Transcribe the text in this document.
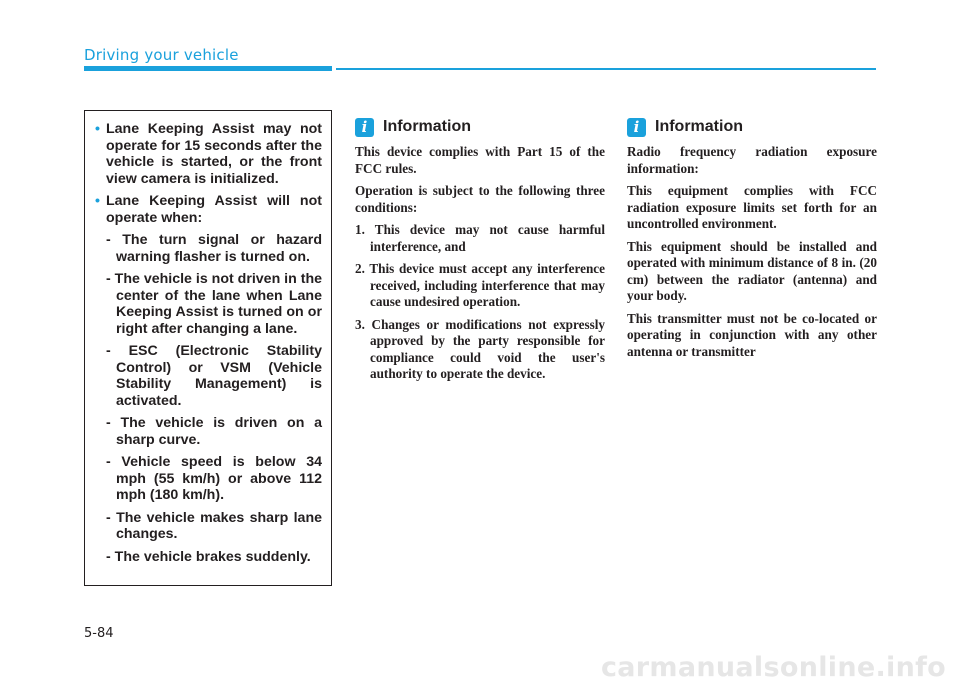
Driving your vehicle
• Lane Keeping Assist may not operate for 15 seconds after the vehicle is started, or the front view camera is initialized.
• Lane Keeping Assist will not operate when:
- The turn signal or hazard warning flasher is turned on.
- The vehicle is not driven in the center of the lane when Lane Keeping Assist is turned on or right after changing a lane.
- ESC (Electronic Stability Control) or VSM (Vehicle Stability Management) is activated.
- The vehicle is driven on a sharp curve.
- Vehicle speed is below 34 mph (55 km/h) or above 112 mph (180 km/h).
- The vehicle makes sharp lane changes.
- The vehicle brakes suddenly.
i Information

This device complies with Part 15 of the FCC rules.

Operation is subject to the following three conditions:

1. This device may not cause harmful interference, and

2. This device must accept any interference received, including interference that may cause undesired operation.

3. Changes or modifications not expressly approved by the party responsible for compliance could void the user's authority to operate the device.

i Information

Radio frequency radiation exposure information:

This equipment complies with FCC radiation exposure limits set forth for an uncontrolled environment.

This equipment should be installed and operated with minimum distance of 8 in. (20 cm) between the radiator (antenna) and your body.

This transmitter must not be co-located or operating in conjunction with any other antenna or transmitter

5-84
carmanualsonline.info
